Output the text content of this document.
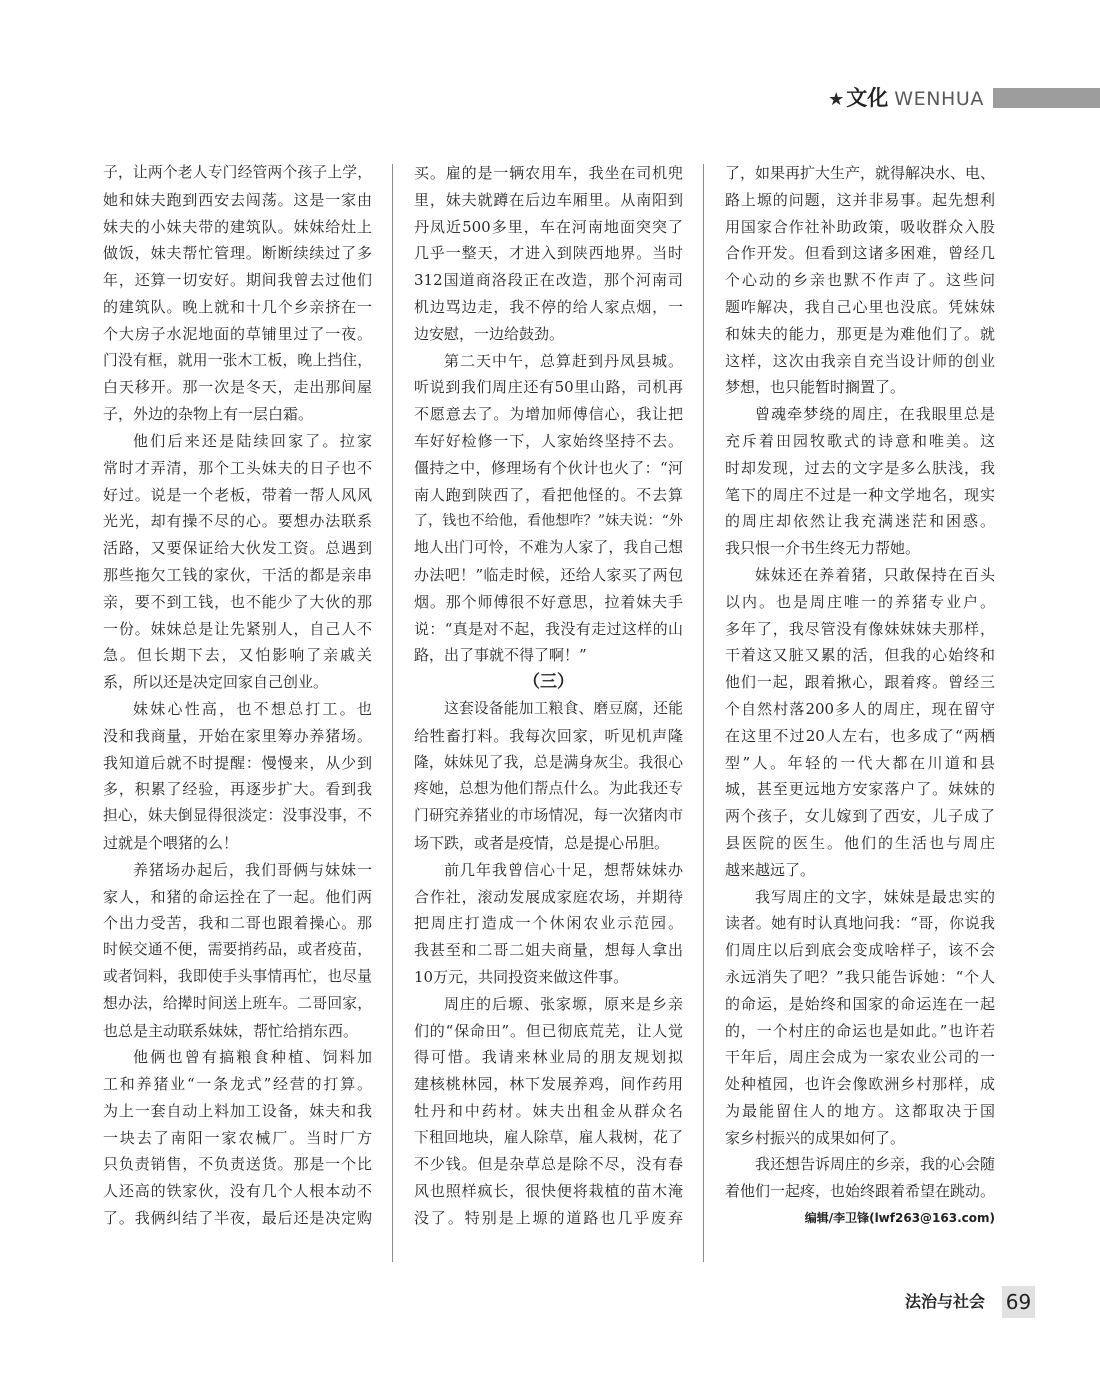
★文化 WENHUA
子，让两个老人专门经管两个孩子上学，
她和妹夫跑到西安去闯荡。这是一家由
妹夫的小妹夫带的建筑队。妹妹给灶上
做饭，妹夫帮忙管理。断断续续过了多
年，还算一切安好。期间我曾去过他们
的建筑队。晚上就和十几个乡亲挤在一
个大房子水泥地面的草铺里过了一夜。
门没有框，就用一张木工板，晚上挡住，
白天移开。那一次是冬天，走出那间屋
子，外边的杂物上有一层白霜。
他们后来还是陆续回家了。拉家
常时才弄清，那个工头妹夫的日子也不
好过。说是一个老板，带着一帮人风风
光光，却有操不尽的心。要想办法联系
活路，又要保证给大伙发工资。总遇到
那些拖欠工钱的家伙，干活的都是亲串
亲，要不到工钱，也不能少了大伙的那
一份。妹妹总是让先紧别人，自己人不
急。但长期下去，又怕影响了亲戚关
系，所以还是决定回家自己创业。
妹妹心性高，也不想总打工。也
没和我商量，开始在家里筹办养猪场。
我知道后就不时提醒：慢慢来，从少到
多，积累了经验，再逐步扩大。看到我
担心，妹夫倒显得很淡定：没事没事，不
过就是个喂猪的么！
养猪场办起后，我们哥俩与妹妹一
家人，和猪的命运拴在了一起。他们两
个出力受苦，我和二哥也跟着操心。那
时候交通不便，需要捎药品，或者疫苗，
或者饲料，我即使手头事情再忙，也尽量
想办法，给撵时间送上班车。二哥回家，
也总是主动联系妹妹，帮忙给捎东西。
他俩也曾有搞粮食种植、饲料加
工和养猪业“一条龙式”经营的打算。
为上一套自动上料加工设备，妹夫和我
一块去了南阳一家农械厂。当时厂方
只负责销售，不负责送货。那是一个比
人还高的铁家伙，没有几个人根本动不
了。我俩纠结了半夜，最后还是决定购
买。雇的是一辆农用车，我坐在司机兜
里，妹夫就蹲在后边车厢里。从南阳到
丹凤近500多里，车在河南地面突突了
几乎一整天，才进入到陕西地界。当时
312国道商洛段正在改造，那个河南司
机边骂边走，我不停的给人家点烟，一
边安慰，一边给鼓劲。
第二天中午，总算赶到丹凤县城。
听说到我们周庄还有50里山路，司机再
不愿意去了。为增加师傅信心，我让把
车好好检修一下，人家始终坚持不去。
僵持之中，修理场有个伙计也火了：“河
南人跑到陕西了，看把他怪的。不去算
了，钱也不给他，看他想咋？”妹夫说：“外
地人出门可怜，不难为人家了，我自己想
办法吧！”临走时候，还给人家买了两包
烟。那个师傅很不好意思，拉着妹夫手
说：“真是对不起，我没有走过这样的山
路，出了事就不得了啊！”
（三）
这套设备能加工粮食、磨豆腐，还能
给牲畜打料。我每次回家，听见机声隆
隆，妹妹见了我，总是满身灰尘。我很心
疼她，总想为他们帮点什么。为此我还专
门研究养猪业的市场情况，每一次猪肉市
场下跌，或者是疫情，总是提心吊胆。
前几年我曾信心十足，想帮妹妹办
合作社，滚动发展成家庭农场，并期待
把周庄打造成一个休闲农业示范园。
我甚至和二哥二姐夫商量，想每人拿出
10万元，共同投资来做这件事。
周庄的后塬、张家塬，原来是乡亲
们的“保命田”。但已彻底荒芜，让人觉
得可惜。我请来林业局的朋友规划拟
建核桃林园，林下发展养鸡，间作药用
牡丹和中药材。妹夫出租金从群众名
下租回地块，雇人除草，雇人栽树，花了
不少钱。但是杂草总是除不尽，没有春
风也照样疯长，很快便将栽植的苗木淹
没了。特别是上塬的道路也几乎废弃
了，如果再扩大生产，就得解决水、电、
路上塬的问题，这并非易事。起先想利
用国家合作社补助政策，吸收群众入股
合作开发。但看到这诸多困难，曾经几
个心动的乡亲也默不作声了。这些问
题咋解决，我自己心里也没底。凭妹妹
和妹夫的能力，那更是为难他们了。就
这样，这次由我亲自充当设计师的创业
梦想，也只能暂时搁置了。
曾魂牵梦绕的周庄，在我眼里总是
充斥着田园牧歌式的诗意和唯美。这
时却发现，过去的文字是多么肤浅，我
笔下的周庄不过是一种文学地名，现实
的周庄却依然让我充满迷茫和困惑。
我只恨一介书生终无力帮她。
妹妹还在养着猪，只敢保持在百头
以内。也是周庄唯一的养猪专业户。
多年了，我尽管没有像妹妹妹夫那样，
干着这又脏又累的活，但我的心始终和
他们一起，跟着揪心，跟着疼。曾经三
个自然村落200多人的周庄，现在留守
在这里不过20人左右，也多成了“两栖
型”人。年轻的一代大都在川道和县
城，甚至更远地方安家落户了。妹妹的
两个孩子，女儿嫁到了西安，儿子成了
县医院的医生。他们的生活也与周庄
越来越远了。
我写周庄的文字，妹妹是最忠实的
读者。她有时认真地问我：“哥，你说我
们周庄以后到底会变成啥样子，该不会
永远消失了吧？”我只能告诉她：“个人
的命运，是始终和国家的命运连在一起
的，一个村庄的命运也是如此。”也许若
干年后，周庄会成为一家农业公司的一
处种植园，也许会像欧洲乡村那样，成
为最能留住人的地方。这都取决于国
家乡村振兴的成果如何了。
我还想告诉周庄的乡亲，我的心会随
着他们一起疼，也始终跟着希望在跳动。
编辑/李卫锋(lwf263@163.com)
法治与社会 69
